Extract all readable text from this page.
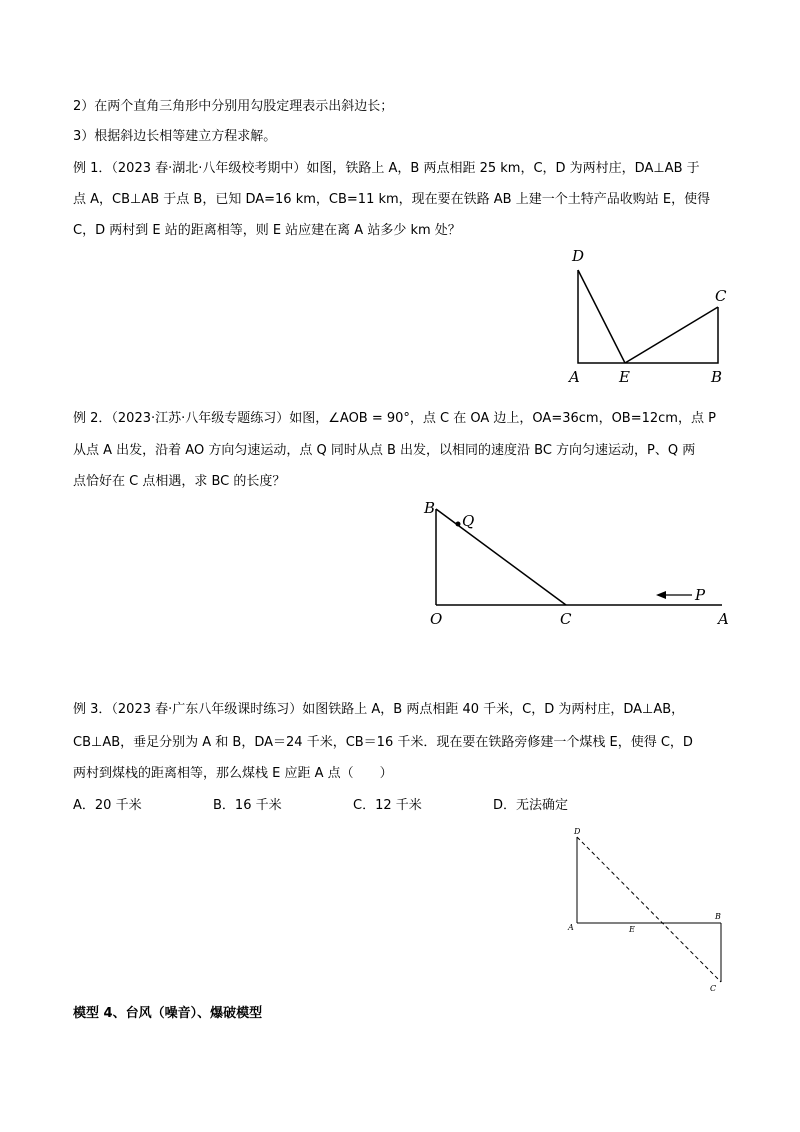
2）在两个直角三角形中分别用勾股定理表示出斜边长；
3）根据斜边长相等建立方程求解。
例 1．（2023 春·湖北·八年级校考期中）如图，铁路上 A，B 两点相距 25 km，C，D 为两村庄，DA⊥AB 于
点 A，CB⊥AB 于点 B，已知 DA=16 km，CB=11 km，现在要在铁路 AB 上建一个土特产品收购站 E，使得
C，D 两村到 E 站的距离相等，则 E 站应建在离 A 站多少 km 处？
D
C
A	E	B
例 2．（2023·江苏·八年级专题练习）如图，∠AOB = 90°，点 C 在 OA 边上，OA=36cm，OB=12cm，点 P
从点 A 出发，沿着 AO 方向匀速运动，点 Q 同时从点 B 出发，以相同的速度沿 BC 方向匀速运动，P、Q 两
点恰好在 C 点相遇，求 BC 的长度？
B
Q
P
O	C	A
例 3．（2023 春·广东八年级课时练习）如图铁路上 A，B 两点相距 40 千米，C，D 为两村庄，DA⊥AB，
CB⊥AB，垂足分别为 A 和 B，DA＝24 千米，CB＝16 千米．现在要在铁路旁修建一个煤栈 E，使得 C，D
两村到煤栈的距离相等，那么煤栈 E 应距 A 点（　　）
A．20 千米	B．16 千米	C．12 千米	D．无法确定
D
A	E
B
C
模型 4、台风（噪音）、爆破模型
